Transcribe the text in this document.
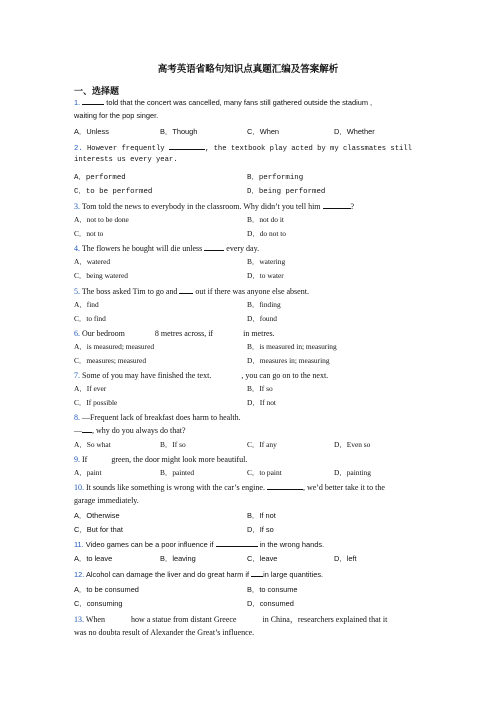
高考英语省略句知识点真题汇编及答案解析
一、选择题
1.	told that the concert was cancelled, many fans still gathered outside the stadium ,
waiting for the pop singer.
A．Unless	B．Though	C．When	D．Whether
2. However frequently	, the textbook play acted by my classmates still
interests us every year.
A．performed	B．performing
C．to be performed	D．being performed
3. Tom told the news to everybody in the classroom. Why didn’t you tell him	?
A．not to be done	B．not do it
C．not to	D．do not to
4. The flowers he bought will die unless	every day.
A．watered	B．watering
C．being watered	D．to water
5. The boss asked Tim to go and out if there was anyone else absent.
A．find	B．finding
C．to find	D．found
6. Our bedroom	8 metres across, if	in metres.
A．is measured; measured	B．is measured in; measuring
C．measures; measured	D．measures in; measuring
7. Some of you may have finished the text.	, you can go on to the next.
A．If ever	B．If so
C．If possible	D．If not
8. —Frequent lack of breakfast does harm to health.
— , why do you always do that?
A．So what	B．If so	C．If any	D．Even so
9. If	green, the door might look more beautiful.
A．paint	B．painted	C．to paint	D．painting
10. It sounds like something is wrong with the car’s engine.	, we’d better take it to the
garage immediately.
A．Otherwise	B．If not
C．But for that	D．If so
11. Video games can be a poor influence if	in the wrong hands.
A．to leave	B．leaving	C．leave	D．left
12. Alcohol can damage the liver and do great harm if in large quantities.
A．to be consumed	B．to consume
C．consuming	D．consumed
13. When	how a statue from distant Greece	in China，researchers explained that it
was no doubta result of Alexander the Great’s influence.
